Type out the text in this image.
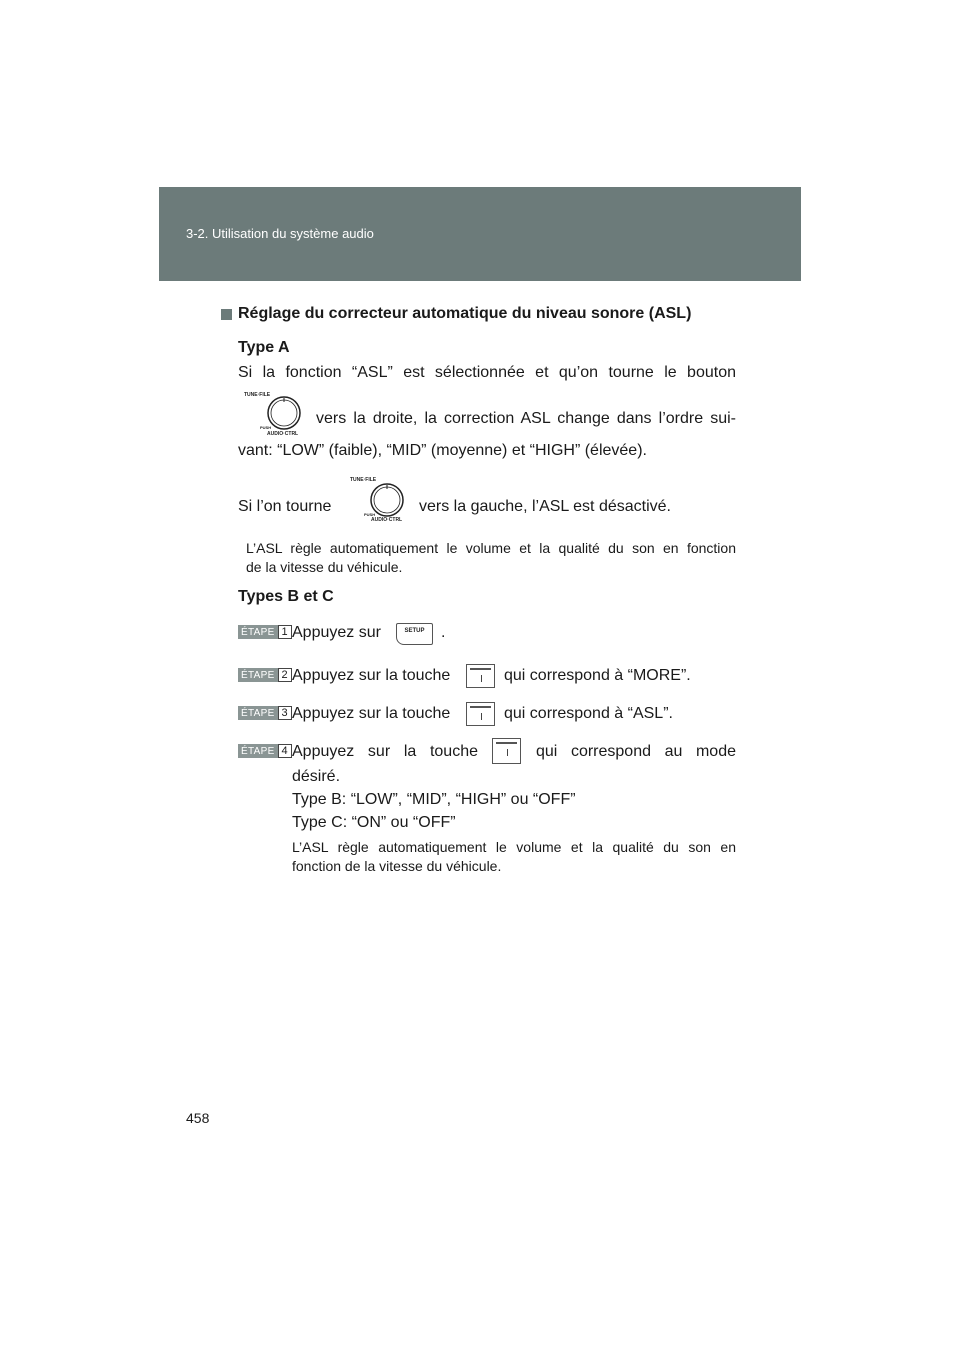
3-2. Utilisation du système audio
Réglage du correcteur automatique du niveau sonore (ASL)
Type A
Si la fonction “ASL” est sélectionnée et qu’on tourne le bouton
TUNE·FILE
PUSH
AUDIO·CTRL
vers la droite, la correction ASL change dans l’ordre sui-
vant: “LOW” (faible), “MID” (moyenne) et “HIGH” (élevée).
Si l’on tourne
TUNE·FILE
PUSH
AUDIO·CTRL
vers la gauche, l’ASL est désactivé.
L’ASL règle automatiquement le volume et la qualité du son en fonction
de la vitesse du véhicule.
Types B et C
ÉTAPE 1 Appuyez sur	SETUP	.
ÉTAPE 2 Appuyez sur la touche	qui correspond à “MORE”.
ÉTAPE 3 Appuyez sur la touche	qui correspond à “ASL”.
ÉTAPE 4 Appuyez sur la touche	qui correspond au mode
désiré.
Type B: “LOW”, “MID”, “HIGH” ou “OFF”
Type C: “ON” ou “OFF”
L’ASL règle automatiquement le volume et la qualité du son en
fonction de la vitesse du véhicule.
458
